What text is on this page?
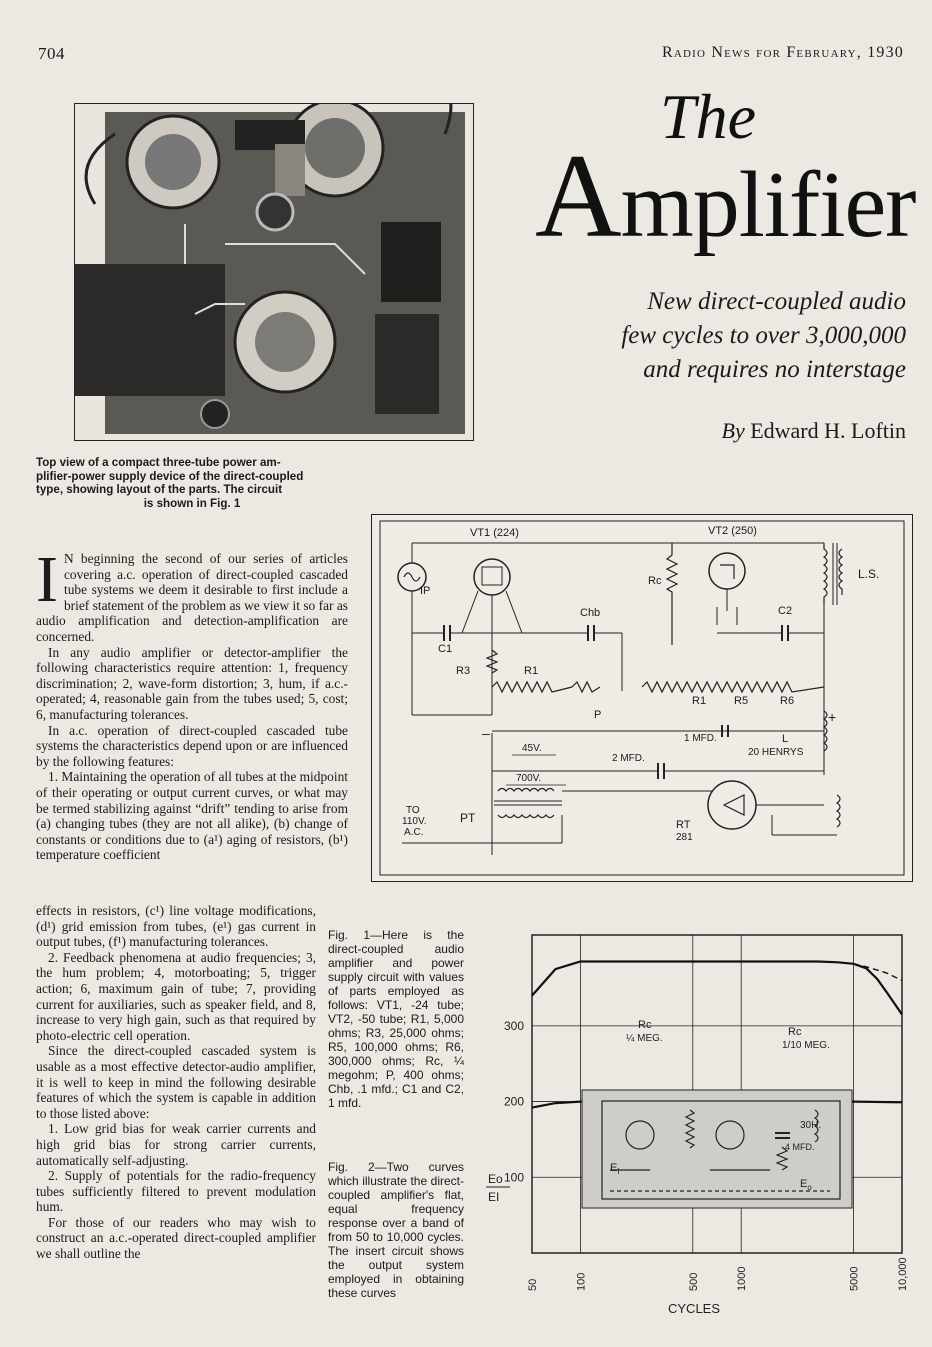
704	Radio News for February, 1930
Top view of a compact three-tube power am-
plifier-power supply device of the direct-coupled
type, showing layout of the parts. The circuit
is shown in Fig. 1
The
Amplifier
New direct-coupled audio
few cycles to over 3,000,000
and requires no interstage
By Edward H. Loftin
VT1 (224)	VT2 (250)
IP
Rc
Chb	C2
L.S.
C1
R3	R1
R1	R5	R6
P	+
–
45V.
1 MFD.
2 MFD.
L
20 HENRYS
700V.
TO
110V.
A.C.
PT	RT
281

I N beginning the second of our series of articles covering a.c. operation of direct-coupled cascaded tube systems we deem it desirable to first include a brief statement of the problem as we view it so far as audio amplification and detection-amplification are concerned.

In any audio amplifier or detector-amplifier the following characteristics require attention: 1, frequency discrimination; 2, wave-form distortion; 3, hum, if a.c.-operated; 4, reasonable gain from the tubes used; 5, cost; 6, manufacturing tolerances.

In a.c. operation of direct-coupled cascaded tube systems the characteristics depend upon or are influenced by the following features:

1. Maintaining the operation of all tubes at the midpoint of their operating or output current curves, or what may be termed stabilizing against “drift” tending to arise from (a) changing tubes (they are not all alike), (b) change of constants or conditions due to (a¹) aging of resistors, (b¹) temperature coefficient

effects in resistors, (c¹) line voltage modifications, (d¹) grid emission from tubes, (e¹) gas current in output tubes, (f¹) manufacturing tolerances.

2. Feedback phenomena at audio frequencies; 3, the hum problem; 4, motorboating; 5, trigger action; 6, maximum gain of tube; 7, providing current for auxiliaries, such as speaker field, and 8, increase to very high gain, such as that required by photo-electric cell operation.

Since the direct-coupled cascaded system is usable as a most effective detector-audio amplifier, it is well to keep in mind the following desirable features of which the system is capable in addition to those listed above:

1. Low grid bias for weak carrier currents and high grid bias for strong carrier currents, automatically self-adjusting.

2. Supply of potentials for the radio-frequency tubes sufficiently filtered to prevent modulation hum.

For those of our readers who may wish to construct an a.c.-operated direct-coupled amplifier we shall outline the

Fig. 1—Here is the direct-coupled audio amplifier and power supply circuit with values of parts employed as follows: VT1, -24 tube; VT2, -50 tube; R1, 5,000 ohms; R3, 25,000 ohms; R5, 100,000 ohms; R6, 300,000 ohms; Rc, ¼ megohm; P, 400 ohms; Chb, .1 mfd.; C1 and C2, 1 mfd.
Fig. 2—Two curves which illustrate the direct-coupled amplifier's flat, equal frequency response over a band of from 50 to 10,000 cycles. The insert circuit shows the output system employed in obtaining these curves
50	100	500	1000	5000	10,000
100
200
300
30H.
4 MFD.
$E_I$
$E_o$
Rc
¼ MEG.
Rc
1/10 MEG.
Eo
EI
CYCLES
